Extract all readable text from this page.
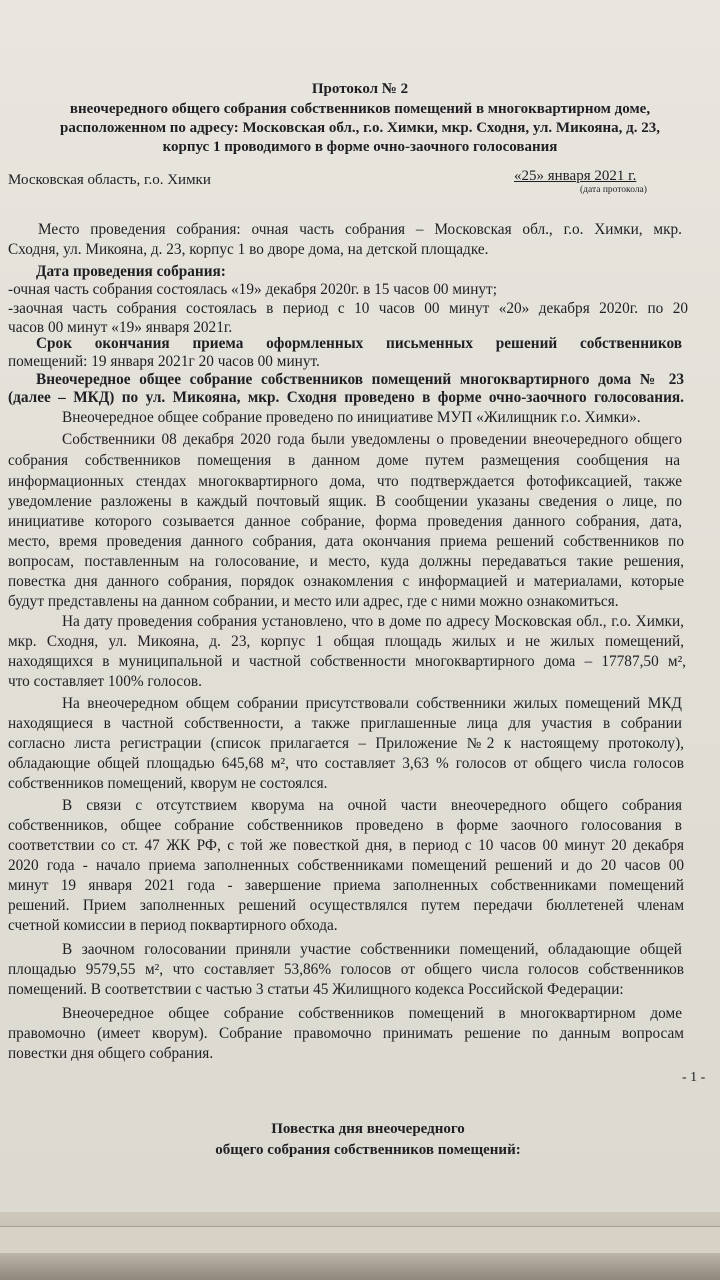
Протокол № 2
внеочередного общего собрания собственников помещений в многоквартирном доме,
расположенном по адресу: Московская обл., г.о. Химки, мкр. Сходня, ул. Микояна, д. 23,
корпус 1 проводимого в форме очно-заочного голосования
Московская область, г.о. Химки	«25» января 2021 г.
(дата протокола)
Место проведения собрания: очная часть собрания – Московская обл., г.о. Химки, мкр.
Сходня, ул. Микояна, д. 23, корпус 1 во дворе дома, на детской площадке.
Дата проведения собрания:
-очная часть собрания состоялась «19» декабря 2020г. в 15 часов 00 минут;
-заочная часть собрания состоялась в период с 10 часов 00 минут «20» декабря 2020г. по 20
часов 00 минут «19» января 2021г.
Срок окончания приема оформленных письменных решений собственников
помещений: 19 января 2021г 20 часов 00 минут.
Внеочередное общее собрание собственников помещений многоквартирного дома № 23
(далее – МКД) по ул. Микояна, мкр. Сходня проведено в форме очно-заочного голосования.
Внеочередное общее собрание проведено по инициативе МУП «Жилищник г.о. Химки».
Собственники 08 декабря 2020 года были уведомлены о проведении внеочередного общего
собрания собственников помещения в данном доме путем размещения сообщения на
информационных стендах многоквартирного дома, что подтверждается фотофиксацией, также
уведомление разложены в каждый почтовый ящик. В сообщении указаны сведения о лице, по
инициативе которого созывается данное собрание, форма проведения данного собрания, дата,
место, время проведения данного собрания, дата окончания приема решений собственников по
вопросам, поставленным на голосование, и место, куда должны передаваться такие решения,
повестка дня данного собрания, порядок ознакомления с информацией и материалами, которые
будут представлены на данном собрании, и место или адрес, где с ними можно ознакомиться.
На дату проведения собрания установлено, что в доме по адресу Московская обл., г.о. Химки,
мкр. Сходня, ул. Микояна, д. 23, корпус 1 общая площадь жилых и не жилых помещений,
находящихся в муниципальной и частной собственности многоквартирного дома – 17787,50 м²,
что составляет 100% голосов.
На внеочередном общем собрании присутствовали собственники жилых помещений МКД
находящиеся в частной собственности, а также приглашенные лица для участия в собрании
согласно листа регистрации (список прилагается – Приложение №2 к настоящему протоколу),
обладающие общей площадью 645,68 м², что составляет 3,63 % голосов от общего числа голосов
собственников помещений, кворум не состоялся.
В связи с отсутствием кворума на очной части внеочередного общего собрания
собственников, общее собрание собственников проведено в форме заочного голосования в
соответствии со ст. 47 ЖК РФ, с той же повесткой дня, в период с 10 часов 00 минут 20 декабря
2020 года - начало приема заполненных собственниками помещений решений и до 20 часов 00
минут 19 января 2021 года - завершение приема заполненных собственниками помещений
решений. Прием заполненных решений осуществлялся путем передачи бюллетеней членам
счетной комиссии в период поквартирного обхода.
В заочном голосовании приняли участие собственники помещений, обладающие общей
площадью 9579,55 м², что составляет 53,86% голосов от общего числа голосов собственников
помещений. В соответствии с частью 3 статьи 45 Жилищного кодекса Российской Федерации:
Внеочередное общее собрание собственников помещений в многоквартирном доме
правомочно (имеет кворум). Собрание правомочно принимать решение по данным вопросам
повестки дня общего собрания.
Повестка дня внеочередного
общего собрания собственников помещений:
- 1 -
